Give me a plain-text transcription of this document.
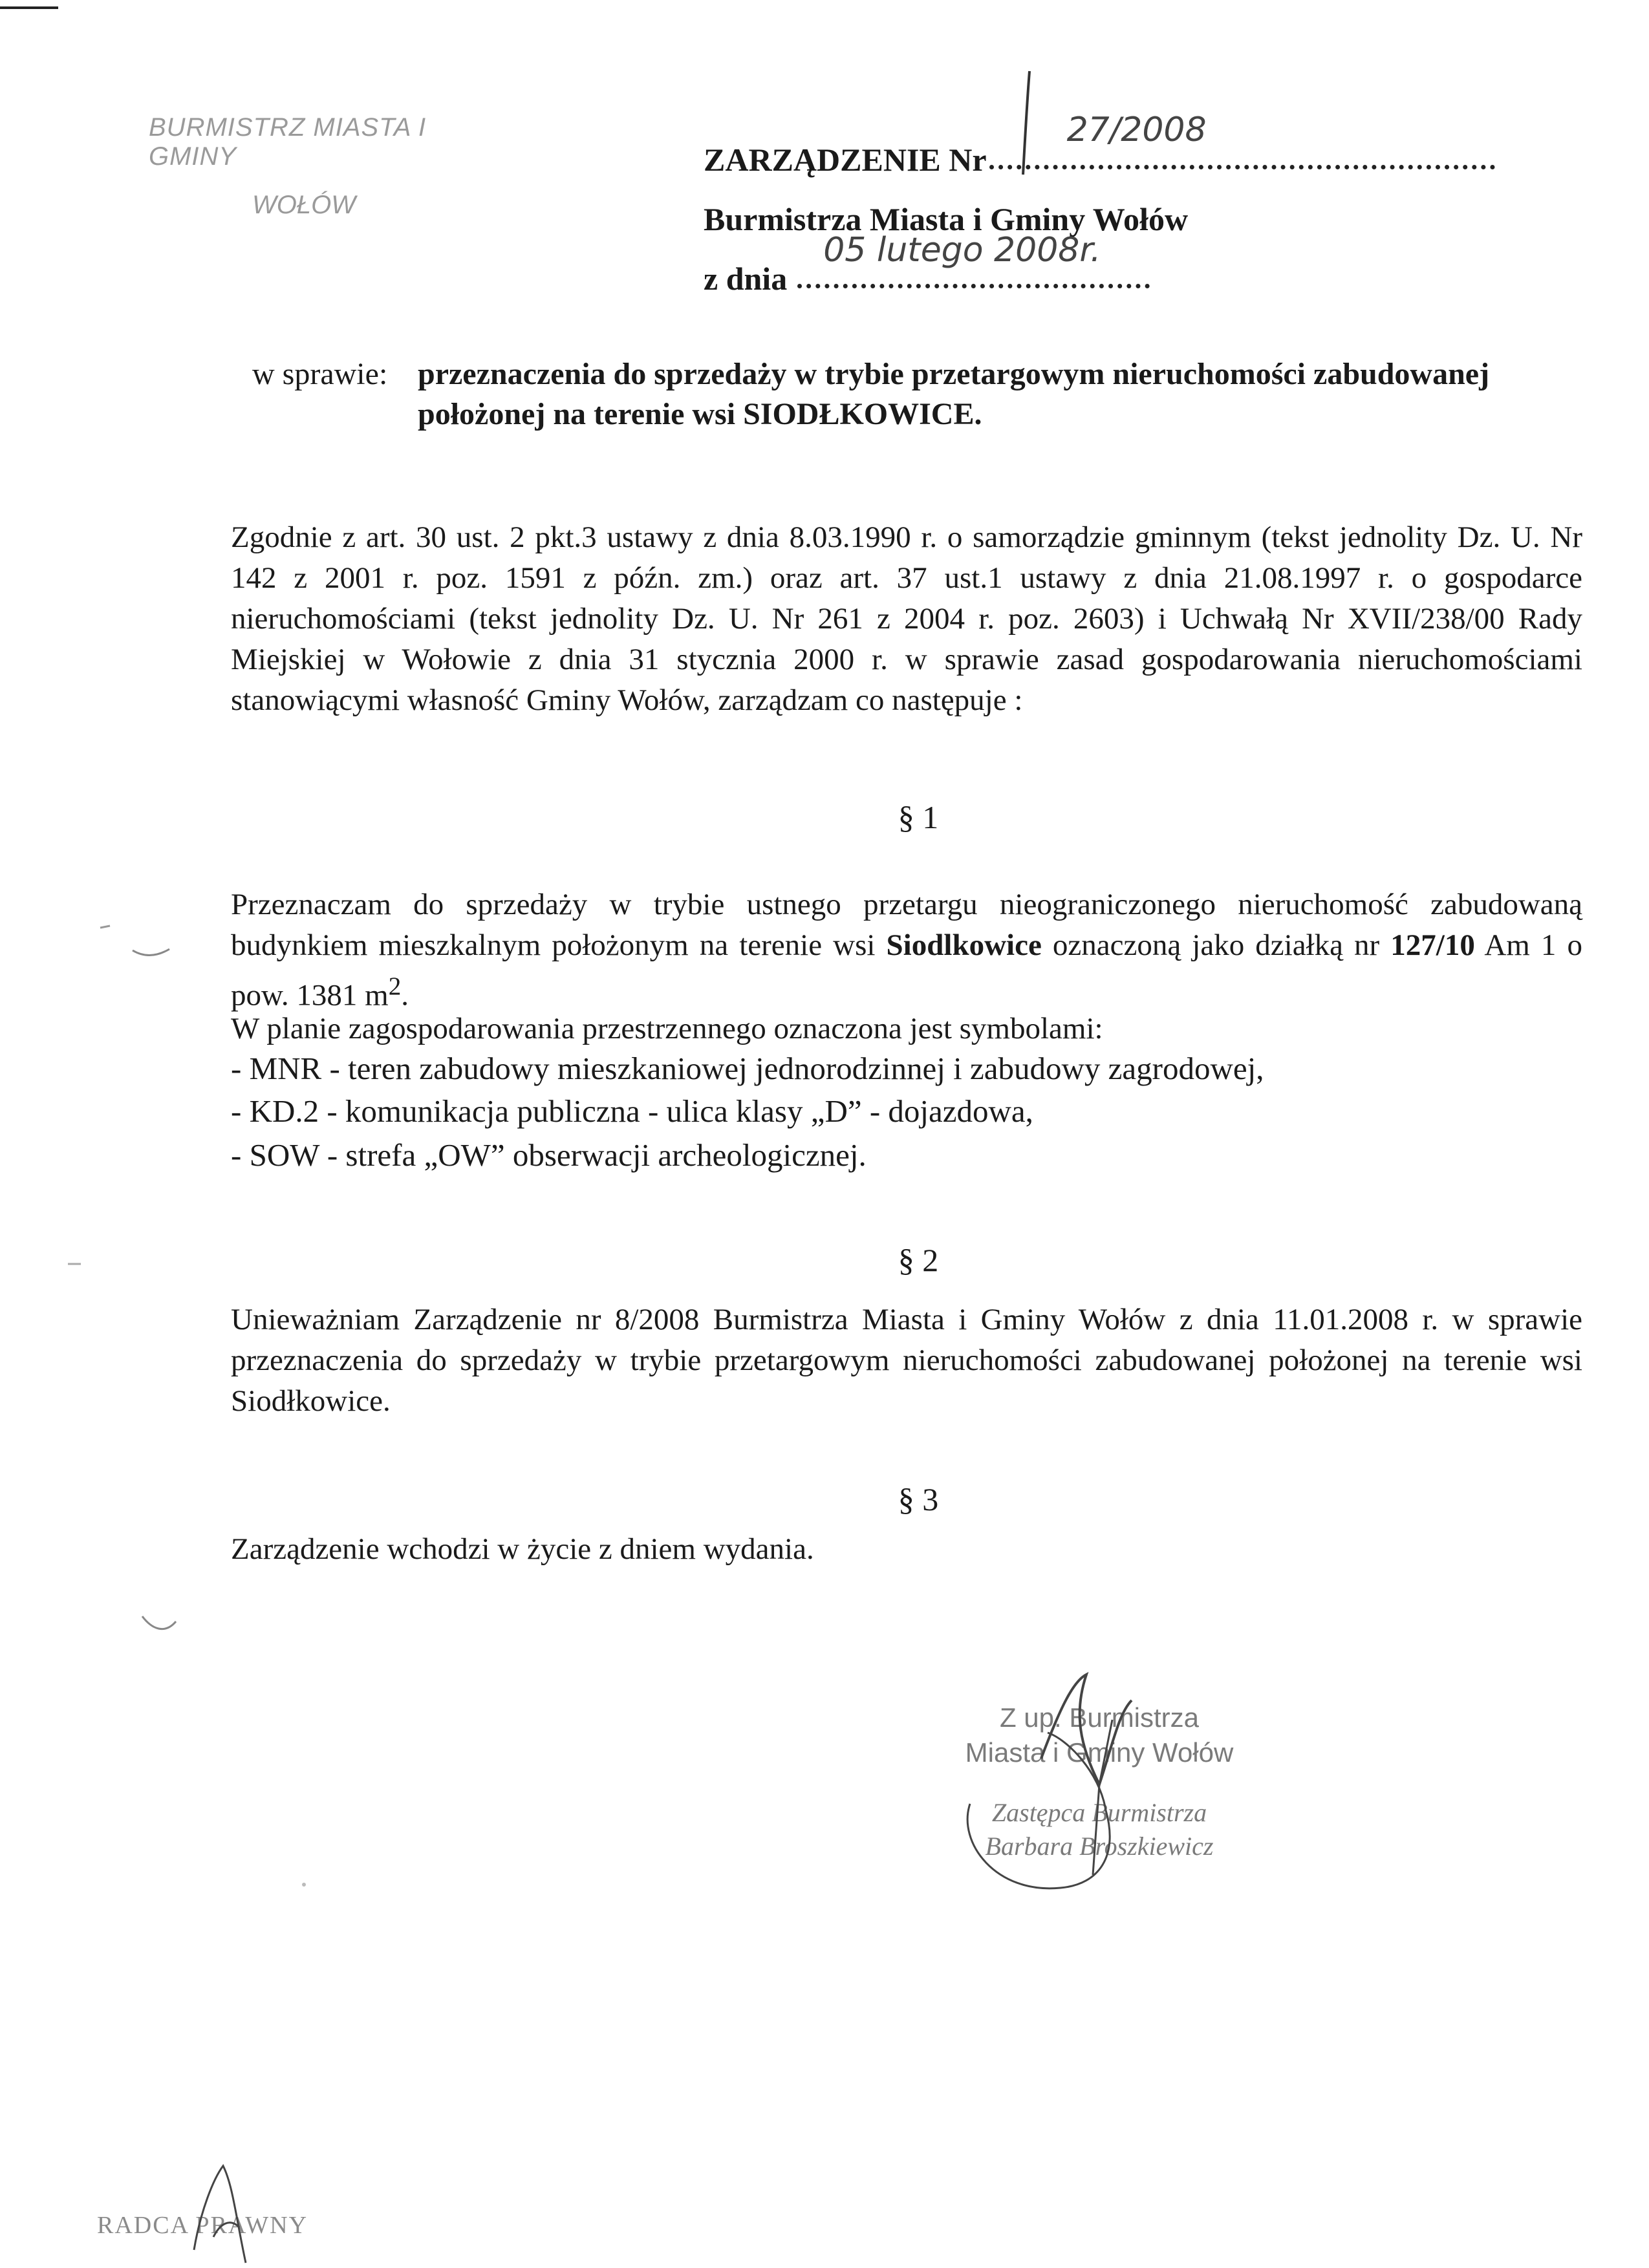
BURMISTRZ MIASTA I GMINY
WOŁÓW
ZARZĄDZENIE Nr
27/2008
Burmistrza Miasta i Gminy Wołów
z dnia
05 lutego 2008r.
w sprawie: przeznaczenia do sprzedaży w trybie przetargowym nieruchomości zabudowanej położonej na terenie wsi SIODŁKOWICE.
Zgodnie z art. 30 ust. 2 pkt.3 ustawy z dnia 8.03.1990 r. o samorządzie gminnym (tekst jednolity Dz. U. Nr 142 z 2001 r. poz. 1591 z późn. zm.) oraz art. 37 ust.1 ustawy z dnia 21.08.1997 r. o gospodarce nieruchomościami (tekst jednolity Dz. U. Nr 261 z 2004 r. poz. 2603) i Uchwałą Nr XVII/238/00 Rady Miejskiej w Wołowie z dnia 31 stycznia 2000 r. w sprawie zasad gospodarowania nieruchomościami stanowiącymi własność Gminy Wołów, zarządzam co następuje :
§ 1
Przeznaczam do sprzedaży w trybie ustnego przetargu nieograniczonego nieruchomość zabudowaną budynkiem mieszkalnym położonym na terenie wsi Siodlkowice oznaczoną jako działką nr 127/10 Am 1 o pow. 1381 $m^2$.
W planie zagospodarowania przestrzennego oznaczona jest symbolami:
- MNR - teren zabudowy mieszkaniowej jednorodzinnej i zabudowy zagrodowej,
- KD.2 - komunikacja publiczna - ulica klasy „D” - dojazdowa,
- SOW - strefa „OW” obserwacji archeologicznej.
§ 2
Unieważniam Zarządzenie nr 8/2008 Burmistrza Miasta i Gminy Wołów z dnia 11.01.2008 r. w sprawie przeznaczenia do sprzedaży w trybie przetargowym nieruchomości zabudowanej położonej na terenie wsi Siodłkowice.
§ 3
Zarządzenie wchodzi w życie z dniem wydania.
Z up. Burmistrza
Miasta i Gminy Wołów
Zastępca Burmistrza
Barbara Broszkiewicz
RADCA PRAWNY
